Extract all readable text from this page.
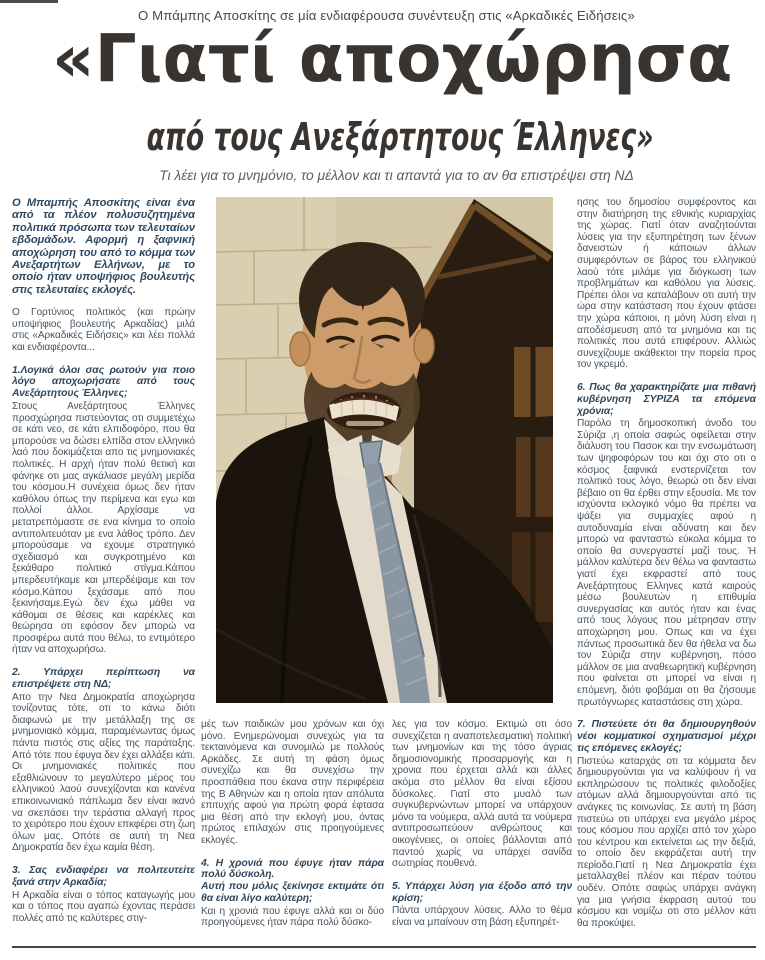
Ο Μπάμπης Αποσκίτης σε μία ενδιαφέρουσα συνέντευξη στις «Αρκαδικές Ειδήσεις»
«Γιατί αποχώρησα
από τους Ανεξάρτητους Έλληνες»
Τι λέει για το μνημόνιο, το μέλλον και τι απαντά για το αν θα επιστρέψει στη ΝΔ

Ο Μπαμπής Αποσκίτης είναι ένα από τα πλέον πολυσυζητημένα πολιτικά πρόσωπα των τελευταίων εβδομάδων. Αφορμή η ξαφνική αποχώρηση του από το κόμμα των Ανεξαρτήτων Ελλήνων, με το οποίο ήταν υποψήφιος βουλευτής στις τελευταίες εκλογές.

Ο Γορτύνιος πολιτικός (και πρώην υποψήφιος βουλευτής Αρκαδίας) μιλά στις «Αρκαδικές Ειδήσεις» και λέει πολλά και ενδιαφέροντα...

1.Λογικά όλοι σας ρωτούν για ποιο λόγο αποχωρήσατε από τους Ανεξάρτητους Έλληνες;

Στους Ανεξάρτητους Έλληνες προσχώρησα πιστεύοντας οτι συμμετέχω σε κάτι νεο, σε κάτι ελπιδοφόρο, που θα μπορούσε να δώσει ελπίδα στον ελληνικό λαό που δοκιμάζεται απο τις μνημονιακές πολιτικές. Η αρχή ήταν πολύ θετική και φάνηκε οτι μας αγκάλιασε μεγάλη μερίδα του κόσμου.Η συνέχεια όμως δεν ήταν καθόλου όπως την περίμενα και εγω και πολλοί άλλοι. Αρχίσαμε να μετατρεπόμαστε σε ενα κίνημα το οποίο αντιπολιτευόταν με ενα λάθος τρόπο. Δεν μπορούσαμε να εχουμε στρατηγικό σχεδιασμό και συγκροτημένο και ξεκάθαρο πολιτικό στίγμα.Κάπου μπερδευτήκαμε και μπερδέψαμε και τον κόσμο.Κάπου ξεχάσαμε από που ξεκινήσαμε.Εγώ δεν έχω μάθει να κάθομαι σε θέσεις και καρέκλες και θεώρησα οτι εφόσον δεν μπορώ να προσφέρω αυτά που θέλω, το εντιμότερο ήταν να αποχωρήσω.

2. Υπάρχει περίπτωση να επιστρέψετε στη ΝΔ;

Απο την Νεα Δημοκρατία αποχώρησα τονίζοντας τότε, οτι το κάνω διότι διαφωνώ με την μετάλλαξη της σε μνημονιακό κόμμα, παραμένωντας όμως πάντα πιστός στις αξίες της παράταξης. Από τότε που έφυγα δεν έχει αλλάξει κάτι. Οι μνημονιακές πολιτικές που εξαθλιώνουν το μεγαλύτερο μέρος του ελληνικού λαού συνεχίζονται και κανένα επικοινωνιακό πάπλωμα δεν είναι ικανό να σκεπάσει την τεράστια αλλαγή προς το χειρότερο που έχουν επκφέρει στη ζωη όλων μας. Οπότε σε αυτή τη Νεα Δημοκρατία δεν έχω καμία θέση.

3. Σας ενδιαφέρει να πολιτευτείτε ξανά στην Αρκαδία;

Η Αρκαδία είναι ο τόπος καταγωγής μου και ο τόπος που αγαπώ έχοντας περάσει πολλές από τις καλύτερες στιγ-

μές των παιδικών μου χρόνων και όχι μόνο. Ενημερώνομαι συνεχώς για τα τεκταινόμενα και συνομιλώ με πολλούς Αρκάδες. Σε αυτή τη φάση όμως συνεχίζω και θα συνεχίσω την προσπάθεια που έκανα στην περιφέρεια της Β Αθηνών και η οποία ηταν απόλυτα επιτυχής αφού για πρώτη φορά έφτασα μια θέση από την εκλογή μου, όντας πρώτος επιλαχών στις προηγούμενες εκλογές.

4. Η χρονιά που έφυγε ήταν πάρα πολύ δύσκολη.

Αυτή που μόλις ξεκίνησε εκτιμάτε ότι θα είναι λίγο καλύτερη;

Και η χρονιά που έφυγε αλλά και οι δύο προηγούμενες ήταν πάρα πολύ δύσκο-

λες για τον κόσμο. Εκτιμώ οτι όσο συνεχίζεται η αναποτελεσματική πολιτική των μνημονίων και της τόσο άγριας δημοσιονομικής προσαρμογής και η χρονια που έρχεται αλλά και άλλες ακόμα στο μέλλον θα είναι εξίσου δύσκολες. Γιατί στο μυαλό των συγκυβερνώντων μπορεί να υπάρχουν μόνο τα νούμερα, αλλά αυτά τα νούμερα αντιπροσωπεύουν ανθρώπους και οικογένειες, οι οποίες βάλλονται από παντού χωρίς να υπάρχει σανίδα σωτηρίας πουθενά.

5. Υπάρχει λύση για έξοδο από την κρίση;

Πάντα υπάρχουν λύσεις. Αλλο το θέμα είναι να μπαίνουν στη βάση εξυπηρέτ-

ησης του δημοσίου συμφέροντος και στην διατήρηση της εθνικής κυριαρχίας της χώρας. Γιατί όταν αναζητούνται λύσεις για την εξυπηρέτηση των ξένων δανειστών ή κάποιων άλλων συμφερόντων σε βάρος του ελληνικού λαού τότε μιλάμε για διόγκωση των προβλημάτων και καθόλου για λύσεις. Πρέπει όλοι να καταλάβουν οτι αυτή την ώρα στην κατάσταση που έχουν φτάσει την χώρα κάποιοι, η μόνη λύση είναι η αποδέσμευση από τα μνημόνια και τις πολιτικές που αυτά επιφέρουν. Αλλιώς συνεχίζουμε ακάθεκτοι την πορεία προς τον γκρεμό.

6. Πως θα χαρακτηρίζατε μια πιθανή κυβέρνηση ΣΥΡΙΖΑ τα επόμενα χρόνια;

Παρόλο τη δημοσκοπική άνοδο του Σύριζα ,η οποία σαφώς οφείλεται στην διάλυση του Πασοκ και την ενσωμάτωση των ψηφοφόρων του και όχι στο οτι ο κόσμος ξαφνικά ενστερνίζεται τον πολιτικό τους λόγο, θεωρώ οτι δεν είναι βέβαιο οτι θα έρθει στην εξουσία. Με τον ισχύοντα εκλογικό νόμο θα πρέπει να ψάξει για συμμαχίες αφού η αυτοδυναμία είναι αδύνατη και δεν μπορώ να φανταστώ εύκολα κόμμα το οποίο θα συνεργαστεί μαζί τους. Ή μάλλον καλύτερα δεν θέλω να φανταστω γιατί έχει εκφραστεί από τους Ανεξάρτητους Ελληνες κατά καιρούς μέσω βουλευτών η επιθυμία συνεργασίας και αυτός ήταν και ένας από τους λόγους που μέτρησαν στην αποχώρηση μου. Οπως και να έχει πάντως προσωπικά δεν θα ήθελα να δω τον Σύριζα στην κυβέρνηση, πόσο μάλλον σε μια αναθεωρητική κυβέρνηση που φαίνεται οτι μπορεί να είναι η επόμενη, διότι φοβάμαι οτι θα ζήσουμε πρωτόγνωρες καταστάσεις στη χώρα.

7. Πιστεύετε ότι θα δημιουργηθούν νέοι κομματικοί σχηματισμοί μέχρι τις επόμενες εκλογές;

Πιστεύω καταρχάς οτι τα κόμματα δεν δημιουργούνται για να καλύψουν ή να εκπληρώσουν τις πολιτικές φιλοδοξίες ατόμων αλλά δημιουργούνται από τις ανάγκες τις κοινωνίας. Σε αυτή τη βάση πιστεύω οτι υπάρχει ενα μεγάλο μέρος τους κόσμου που αρχίζει από τον χώρο του κέντρου και εκτείνεται ως την δεξιά, το οποίο δεν εκφράζεται αυτή την περίοδο.Γιατί η Νεα Δημοκρατία έχει μεταλλαχθεί πλέον και πέραν τούτου ουδέν. Οπότε σαφώς υπάρχει ανάγκη για μια γνήσια έκφραση αυτού του κόσμου και νομίζω οτι στο μέλλον κάτι θα προκύψει.
